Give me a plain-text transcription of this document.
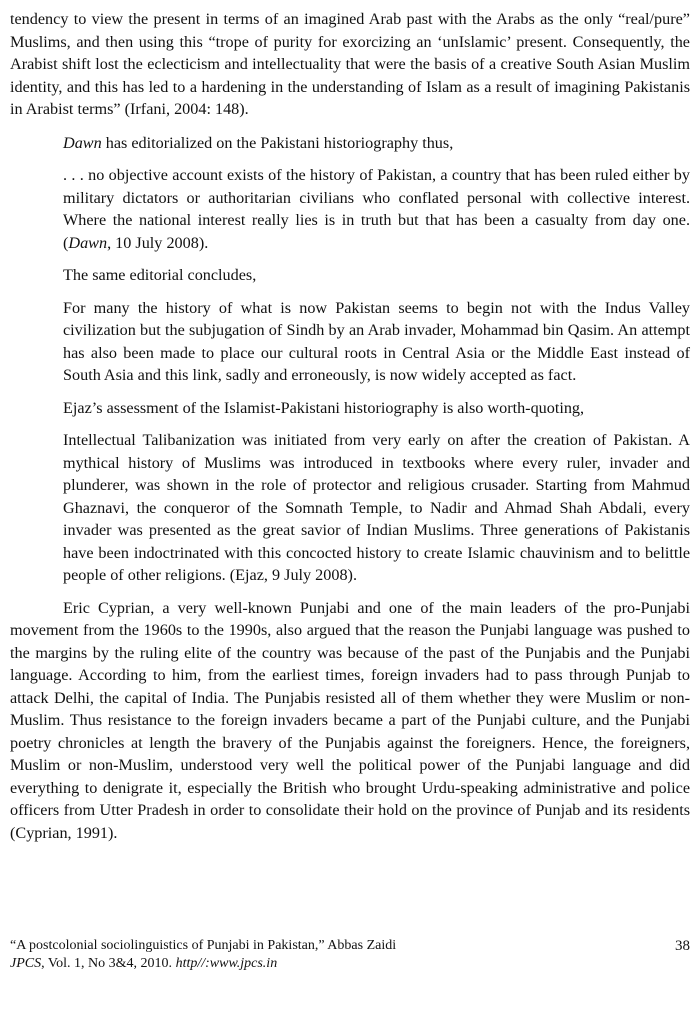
tendency to view the present in terms of an imagined Arab past with the Arabs as the only “real/pure” Muslims, and then using this “trope of purity for exorcizing an ‘unIslamic’ present. Consequently, the Arabist shift lost the eclecticism and intellectuality that were the basis of a creative South Asian Muslim identity, and this has led to a hardening in the understanding of Islam as a result of imagining Pakistanis in Arabist terms” (Irfani, 2004: 148).

Dawn has editorialized on the Pakistani historiography thus,

. . . no objective account exists of the history of Pakistan, a country that has been ruled either by military dictators or authoritarian civilians who conflated personal with collective interest. Where the national interest really lies is in truth but that has been a casualty from day one. (Dawn, 10 July 2008).

The same editorial concludes,

For many the history of what is now Pakistan seems to begin not with the Indus Valley civilization but the subjugation of Sindh by an Arab invader, Mohammad bin Qasim. An attempt has also been made to place our cultural roots in Central Asia or the Middle East instead of South Asia and this link, sadly and erroneously, is now widely accepted as fact.

Ejaz’s assessment of the Islamist-Pakistani historiography is also worth-quoting,

Intellectual Talibanization was initiated from very early on after the creation of Pakistan. A mythical history of Muslims was introduced in textbooks where every ruler, invader and plunderer, was shown in the role of protector and religious crusader. Starting from Mahmud Ghaznavi, the conqueror of the Somnath Temple, to Nadir and Ahmad Shah Abdali, every invader was presented as the great savior of Indian Muslims. Three generations of Pakistanis have been indoctrinated with this concocted history to create Islamic chauvinism and to belittle people of other religions. (Ejaz, 9 July 2008).

Eric Cyprian, a very well-known Punjabi and one of the main leaders of the pro-Punjabi movement from the 1960s to the 1990s, also argued that the reason the Punjabi language was pushed to the margins by the ruling elite of the country was because of the past of the Punjabis and the Punjabi language. According to him, from the earliest times, foreign invaders had to pass through Punjab to attack Delhi, the capital of India. The Punjabis resisted all of them whether they were Muslim or non-Muslim. Thus resistance to the foreign invaders became a part of the Punjabi culture, and the Punjabi poetry chronicles at length the bravery of the Punjabis against the foreigners. Hence, the foreigners, Muslim or non-Muslim, understood very well the political power of the Punjabi language and did everything to denigrate it, especially the British who brought Urdu-speaking administrative and police officers from Utter Pradesh in order to consolidate their hold on the province of Punjab and its residents (Cyprian, 1991).

“A postcolonial sociolinguistics of Punjabi in Pakistan,” Abbas Zaidi
JPCS, Vol. 1, No 3&4, 2010. http//:www.jpcs.in
38
